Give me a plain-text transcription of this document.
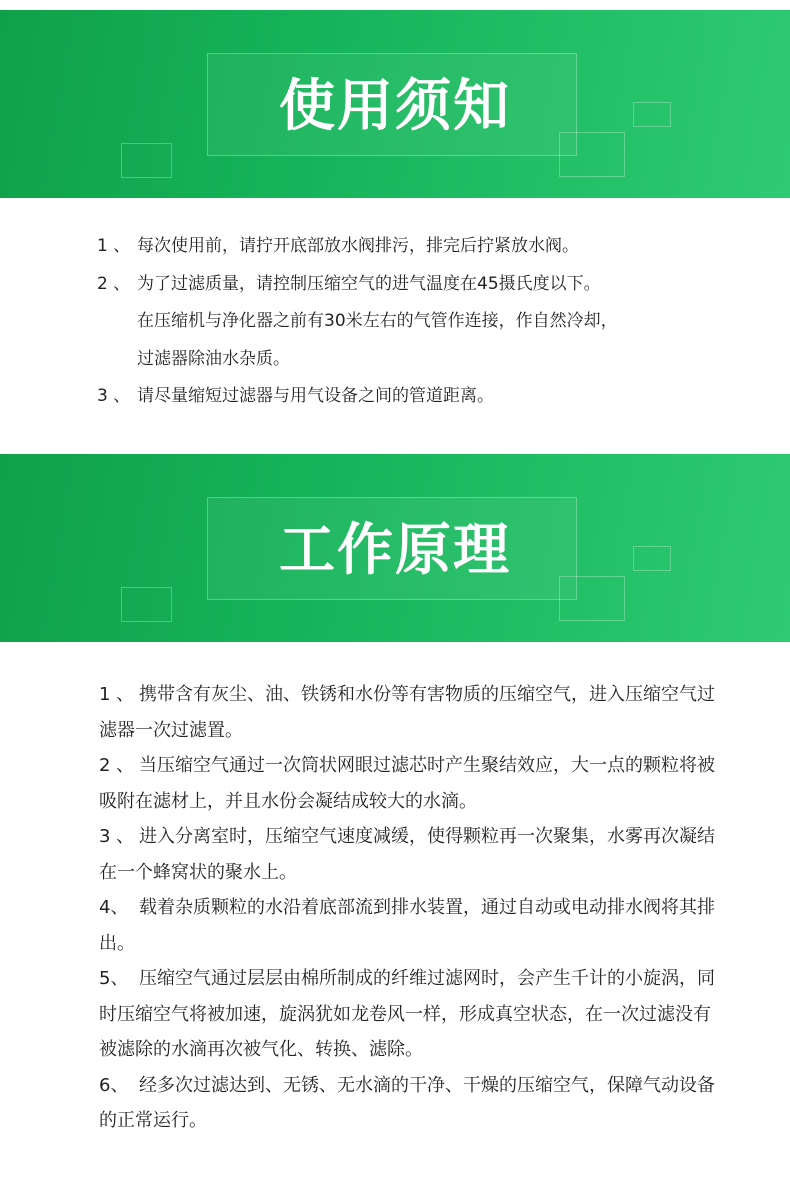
使用须知
1 、 每次使用前，请拧开底部放水阀排污，排完后拧紧放水阀。
2 、 为了过滤质量，请控制压缩空气的进气温度在45摄氏度以下。
在压缩机与净化器之前有30米左右的气管作连接，作自然冷却，
过滤器除油水杂质。
3 、 请尽量缩短过滤器与用气设备之间的管道距离。
工作原理
1 、 携带含有灰尘、油、铁锈和水份等有害物质的压缩空气，进入压缩空气过滤器一次过滤置。
2 、 当压缩空气通过一次筒状网眼过滤芯时产生聚结效应，大一点的颗粒将被吸附在滤材上，并且水份会凝结成较大的水滴。
3 、 进入分离室时，压缩空气速度减缓，使得颗粒再一次聚集，水雾再次凝结在一个蜂窝状的聚水上。
4、 载着杂质颗粒的水沿着底部流到排水装置，通过自动或电动排水阀将其排出。
5、 压缩空气通过层层由棉所制成的纤维过滤网时，会产生千计的小旋涡，同时压缩空气将被加速，旋涡犹如龙卷风一样，形成真空状态，在一次过滤没有被滤除的水滴再次被气化、转换、滤除。
6、 经多次过滤达到、无锈、无水滴的干净、干燥的压缩空气，保障气动设备的正常运行。
